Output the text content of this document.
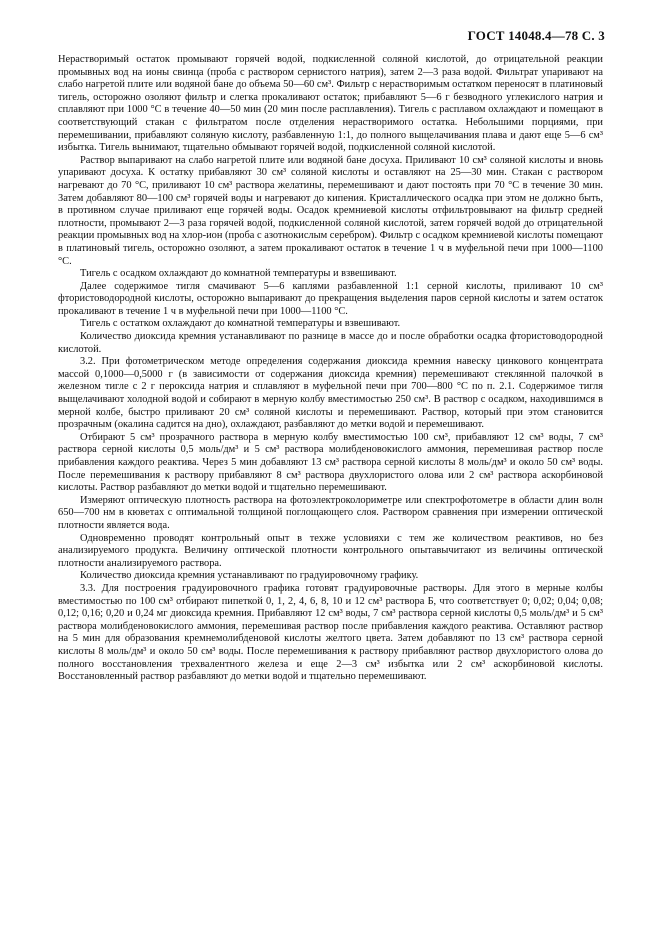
ГОСТ 14048.4—78 С. 3

Нерастворимый остаток промывают горячей водой, подкисленной соляной кислотой, до отрицательной реакции промывных вод на ионы свинца (проба с раствором сернистого натрия), затем 2—3 раза водой. Фильтрат упаривают на слабо нагретой плите или водяной бане до объема 50—60 см³. Фильтр с нерастворимым остатком переносят в платиновый тигель, осторожно озоляют фильтр и слегка прокаливают остаток; прибавляют 5—6 г безводного углекислого натрия и сплавляют при 1000 °С в течение 40—50 мин (20 мин после расплавления). Тигель с расплавом охлаждают и помещают в соответствующий стакан с фильтратом после отделения нерастворимого остатка. Небольшими порциями, при перемешивании, прибавляют соляную кислоту, разбавленную 1:1, до полного выщелачивания плава и дают еще 5—6 см³ избытка. Тигель вынимают, тщательно обмывают горячей водой, подкисленной соляной кислотой.

Раствор выпаривают на слабо нагретой плите или водяной бане досуха. Приливают 10 см³ соляной кислоты и вновь упаривают досуха. К остатку прибавляют 30 см³ соляной кислоты и оставляют на 25—30 мин. Стакан с раствором нагревают до 70 °С, приливают 10 см³ раствора желатины, перемешивают и дают постоять при 70 °С в течение 30 мин. Затем добавляют 80—100 см³ горячей воды и нагревают до кипения. Кристаллического осадка при этом не должно быть, в противном случае приливают еще горячей воды. Осадок кремниевой кислоты отфильтровывают на фильтр средней плотности, промывают 2—3 раза горячей водой, подкисленной соляной кислотой, затем горячей водой до отрицательной реакции промывных вод на хлор-ион (проба с азотнокислым серебром). Фильтр с осадком кремниевой кислоты помещают в платиновый тигель, осторожно озоляют, а затем прокаливают остаток в течение 1 ч в муфельной печи при 1000—1100 °С.

Тигель с осадком охлаждают до комнатной температуры и взвешивают.

Далее содержимое тигля смачивают 5—6 каплями разбавленной 1:1 серной кислоты, приливают 10 см³ фтористоводородной кислоты, осторожно выпаривают до прекращения выделения паров серной кислоты и затем остаток прокаливают в течение 1 ч в муфельной печи при 1000—1100 °С.

Тигель с остатком охлаждают до комнатной температуры и взвешивают.

Количество диоксида кремния устанавливают по разнице в массе до и после обработки осадка фтористоводородной кислотой.

3.2. При фотометрическом методе определения содержания диоксида кремния навеску цинкового концентрата массой 0,1000—0,5000 г (в зависимости от содержания диоксида кремния) перемешивают стеклянной палочкой в железном тигле с 2 г пероксида натрия и сплавляют в муфельной печи при 700—800 °С по п. 2.1. Содержимое тигля выщелачивают холодной водой и собирают в мерную колбу вместимостью 250 см³. В раствор с осадком, находившимся в мерной колбе, быстро приливают 20 см³ соляной кислоты и перемешивают. Раствор, который при этом становится прозрачным (окалина садится на дно), охлаждают, разбавляют до метки водой и перемешивают.

Отбирают 5 см³ прозрачного раствора в мерную колбу вместимостью 100 см³, прибавляют 12 см³ воды, 7 см³ раствора серной кислоты 0,5 моль/дм³ и 5 см³ раствора молибденовокислого аммония, перемешивая раствор после прибавления каждого реактива. Через 5 мин добавляют 13 см³ раствора серной кислоты 8 моль/дм³ и около 50 см³ воды. После перемешивания к раствору прибавляют 8 см³ раствора двухлористого олова или 2 см³ раствора аскорбиновой кислоты. Раствор разбавляют до метки водой и тщательно перемешивают.

Измеряют оптическую плотность раствора на фотоэлектроколориметре или спектрофотометре в области длин волн 650—700 нм в кюветах с оптимальной толщиной поглощающего слоя. Раствором сравнения при измерении оптической плотности является вода.

Одновременно проводят контрольный опыт в техже условияхи с тем же количеством реактивов, но без анализируемого продукта. Величину оптической плотности контрольного опытавычитают из величины оптической плотности анализируемого раствора.

Количество диоксида кремния устанавливают по градуировочному графику.

3.3. Для построения градуировочного графика готовят градуировочные растворы. Для этого в мерные колбы вместимостью по 100 см³ отбирают пипеткой 0, 1, 2, 4, 6, 8, 10 и 12 см³ раствора Б, что соответствует 0; 0,02; 0,04; 0,08; 0,12; 0,16; 0,20 и 0,24 мг диоксида кремния. Прибавляют 12 см³ воды, 7 см³ раствора серной кислоты 0,5 моль/дм³ и 5 см³ раствора молибденовокислого аммония, перемешивая раствор после прибавления каждого реактива. Оставляют раствор на 5 мин для образования кремнемолибденовой кислоты желтого цвета. Затем добавляют по 13 см³ раствора серной кислоты 8 моль/дм³ и около 50 см³ воды. После перемешивания к раствору прибавляют раствор двухлористого олова до полного восстановления трехвалентного железа и еще 2—3 см³ избытка или 2 см³ аскорбиновой кислоты. Восстановленный раствор разбавляют до метки водой и тщательно перемешивают.
